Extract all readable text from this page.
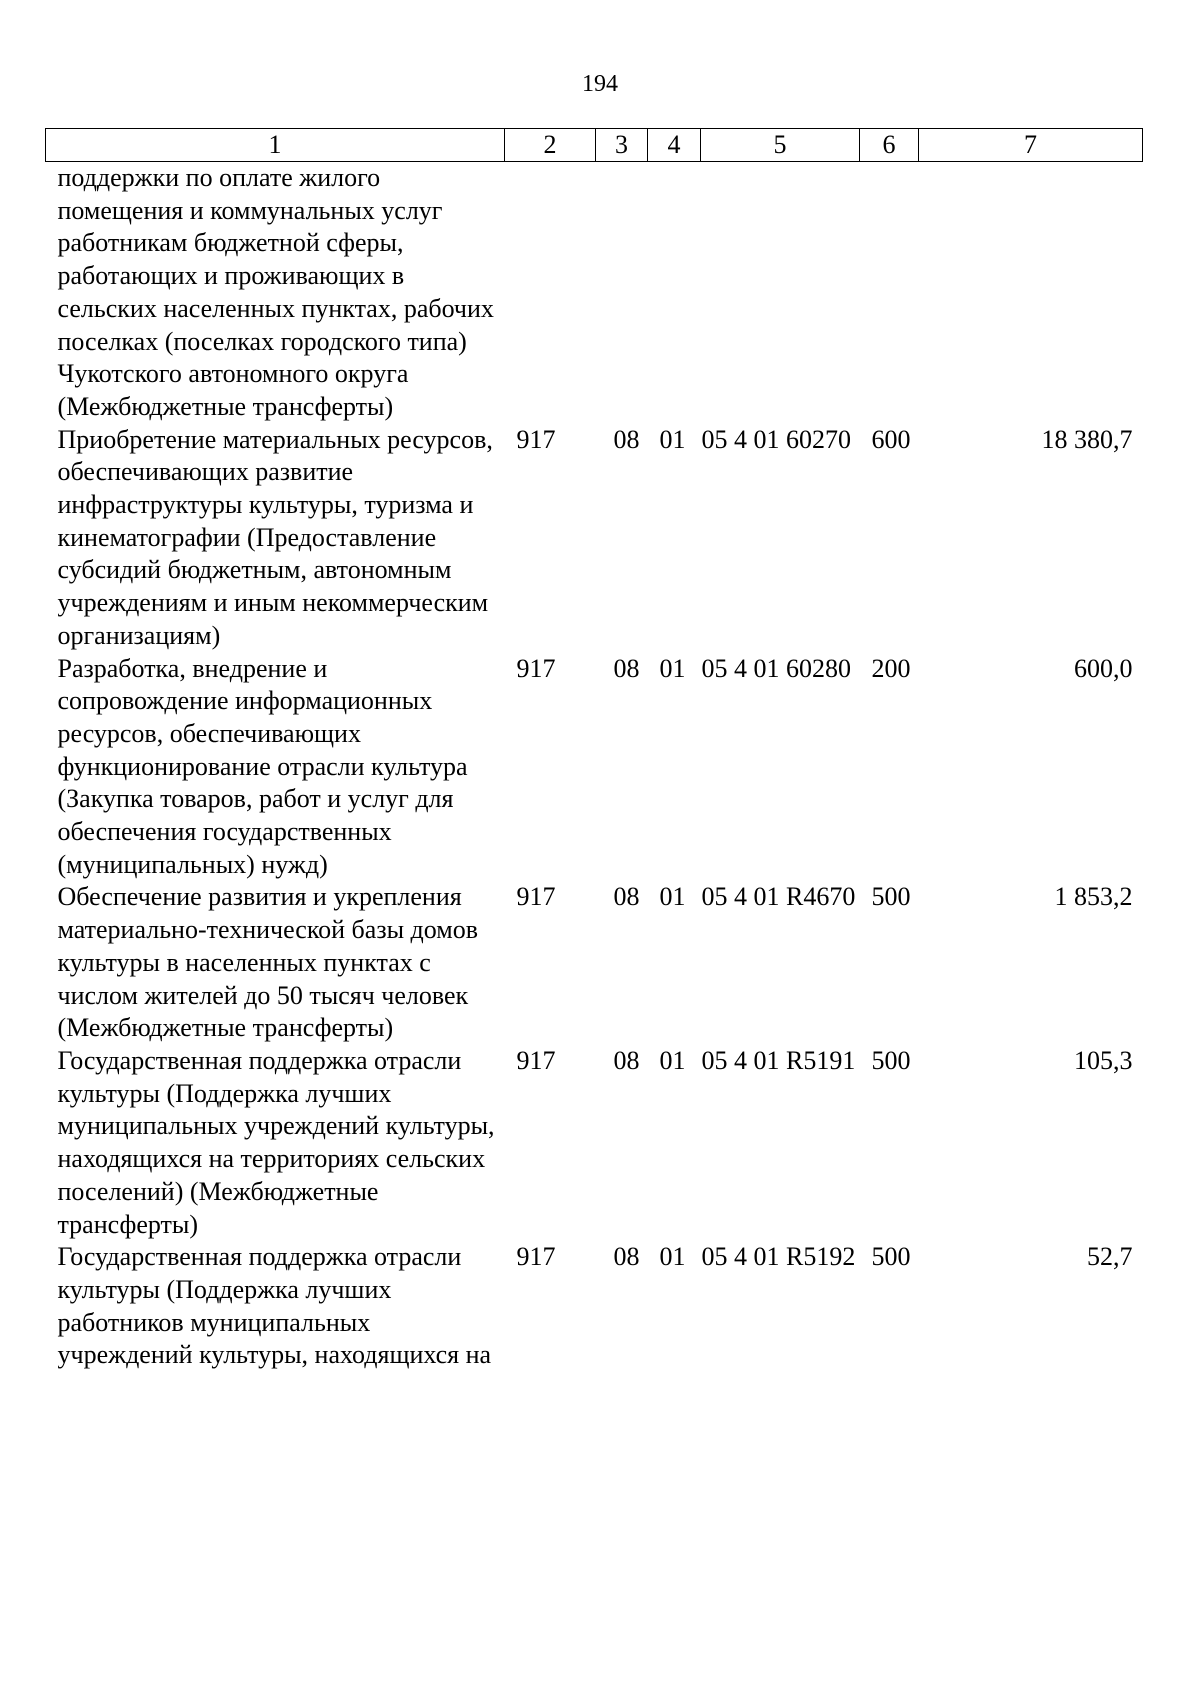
194
1	2	3	4	5	6	7
поддержки по оплате жилого помещения и коммунальных услуг работникам бюджетной сферы, работающих и проживающих в сельских населенных пунктах, рабочих поселках (поселках городского типа) Чукотского автономного округа (Межбюджетные трансферты)						
Приобретение материальных ресурсов, обеспечивающих развитие инфраструктуры культуры, туризма и кинематографии (Предоставление субсидий бюджетным, автономным учреждениям и иным некоммерческим организациям)	917	08	01	05 4 01 60270	600	18 380,7
Разработка, внедрение и сопровождение информационных ресурсов, обеспечивающих функционирование отрасли культура (Закупка товаров, работ и услуг для обеспечения государственных (муниципальных) нужд)	917	08	01	05 4 01 60280	200	600,0
Обеспечение развития и укрепления материально-технической базы домов культуры в населенных пунктах с числом жителей до 50 тысяч человек (Межбюджетные трансферты)	917	08	01	05 4 01 R4670	500	1 853,2
Государственная поддержка отрасли культуры (Поддержка лучших муниципальных учреждений культуры, находящихся на территориях сельских поселений) (Межбюджетные трансферты)	917	08	01	05 4 01 R5191	500	105,3
Государственная поддержка отрасли культуры (Поддержка лучших работников муниципальных учреждений культуры, находящихся на	917	08	01	05 4 01 R5192	500	52,7
